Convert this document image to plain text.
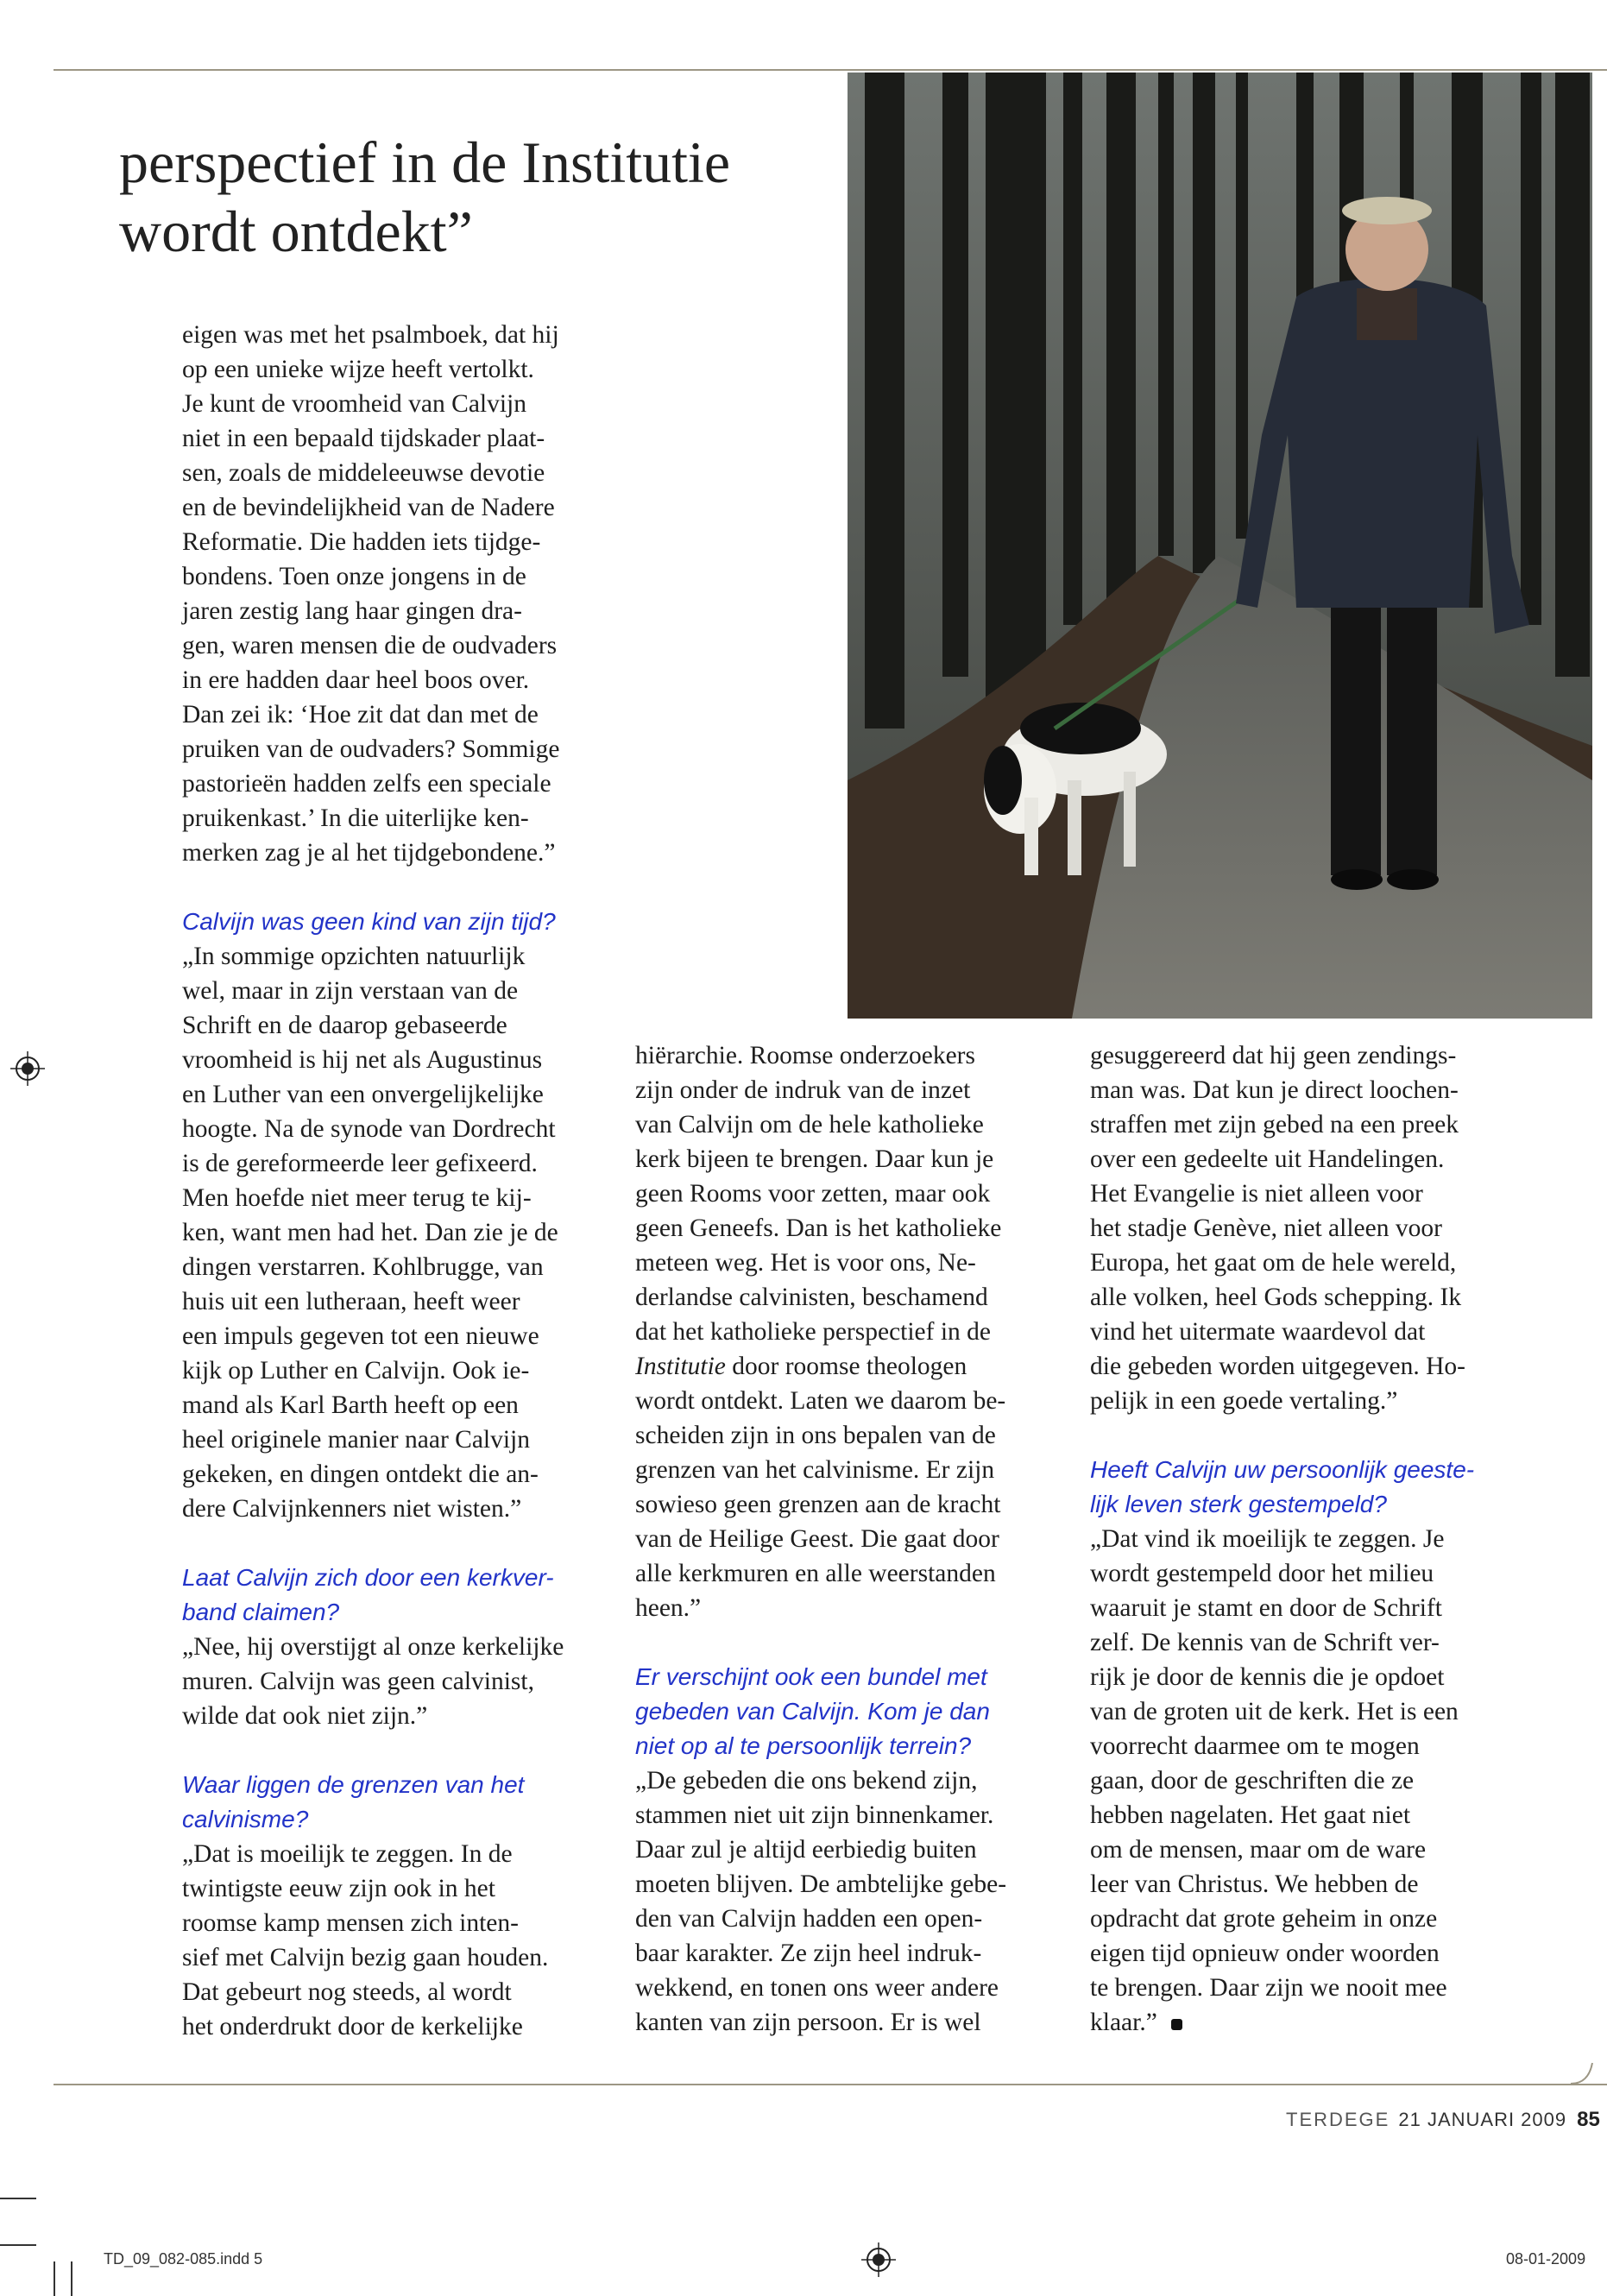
perspectief in de Institutie
wordt ontdekt”
eigen was met het psalmboek, dat hij
op een unieke wijze heeft vertolkt.
Je kunt de vroomheid van Calvijn
niet in een bepaald tijdskader plaat-
sen, zoals de middeleeuwse devotie
en de bevindelijkheid van de Nadere
Reformatie. Die hadden iets tijdge-
bondens. Toen onze jongens in de
jaren zestig lang haar gingen dra-
gen, waren mensen die de oudvaders
in ere hadden daar heel boos over.
Dan zei ik: ‘Hoe zit dat dan met de
pruiken van de oudvaders? Sommige
pastorieën hadden zelfs een speciale
pruikenkast.’ In die uiterlijke ken-
merken zag je al het tijdgebondene.”
Calvijn was geen kind van zijn tijd?
„In sommige opzichten natuurlijk
wel, maar in zijn verstaan van de
Schrift en de daarop gebaseerde
vroomheid is hij net als Augustinus
en Luther van een onvergelijkelijke
hoogte. Na de synode van Dordrecht
is de gereformeerde leer gefixeerd.
Men hoefde niet meer terug te kij-
ken, want men had het. Dan zie je de
dingen verstarren. Kohlbrugge, van
huis uit een lutheraan, heeft weer
een impuls gegeven tot een nieuwe
kijk op Luther en Calvijn. Ook ie-
mand als Karl Barth heeft op een
heel originele manier naar Calvijn
gekeken, en dingen ontdekt die an-
dere Calvijnkenners niet wisten.”
Laat Calvijn zich door een kerkver-
band claimen?
„Nee, hij overstijgt al onze kerkelijke
muren. Calvijn was geen calvinist,
wilde dat ook niet zijn.”
Waar liggen de grenzen van het
calvinisme?
„Dat is moeilijk te zeggen. In de
twintigste eeuw zijn ook in het
roomse kamp mensen zich inten-
sief met Calvijn bezig gaan houden.
Dat gebeurt nog steeds, al wordt
het onderdrukt door de kerkelijke
hiërarchie. Roomse onderzoekers
zijn onder de indruk van de inzet
van Calvijn om de hele katholieke
kerk bijeen te brengen. Daar kun je
geen Rooms voor zetten, maar ook
geen Geneefs. Dan is het katholieke
meteen weg. Het is voor ons, Ne-
derlandse calvinisten, beschamend
dat het katholieke perspectief in de
Institutie door roomse theologen
wordt ontdekt. Laten we daarom be-
scheiden zijn in ons bepalen van de
grenzen van het calvinisme. Er zijn
sowieso geen grenzen aan de kracht
van de Heilige Geest. Die gaat door
alle kerkmuren en alle weerstanden
heen.”
Er verschijnt ook een bundel met
gebeden van Calvijn. Kom je dan
niet op al te persoonlijk terrein?
„De gebeden die ons bekend zijn,
stammen niet uit zijn binnenkamer.
Daar zul je altijd eerbiedig buiten
moeten blijven. De ambtelijke gebe-
den van Calvijn hadden een open-
baar karakter. Ze zijn heel indruk-
wekkend, en tonen ons weer andere
kanten van zijn persoon. Er is wel
gesuggereerd dat hij geen zendings-
man was. Dat kun je direct loochen-
straffen met zijn gebed na een preek
over een gedeelte uit Handelingen.
Het Evangelie is niet alleen voor
het stadje Genève, niet alleen voor
Europa, het gaat om de hele wereld,
alle volken, heel Gods schepping. Ik
vind het uitermate waardevol dat
die gebeden worden uitgegeven. Ho-
pelijk in een goede vertaling.”
Heeft Calvijn uw persoonlijk geeste-
lijk leven sterk gestempeld?
„Dat vind ik moeilijk te zeggen. Je
wordt gestempeld door het milieu
waaruit je stamt en door de Schrift
zelf. De kennis van de Schrift ver-
rijk je door de kennis die je opdoet
van de groten uit de kerk. Het is een
voorrecht daarmee om te mogen
gaan, door de geschriften die ze
hebben nagelaten. Het gaat niet
om de mensen, maar om de ware
leer van Christus. We hebben de
opdracht dat grote geheim in onze
eigen tijd opnieuw onder woorden
te brengen. Daar zijn we nooit mee
klaar.”
TERDEGE 21 JANUARI 2009 85
TD_09_082-085.indd 5	08-01-2009
